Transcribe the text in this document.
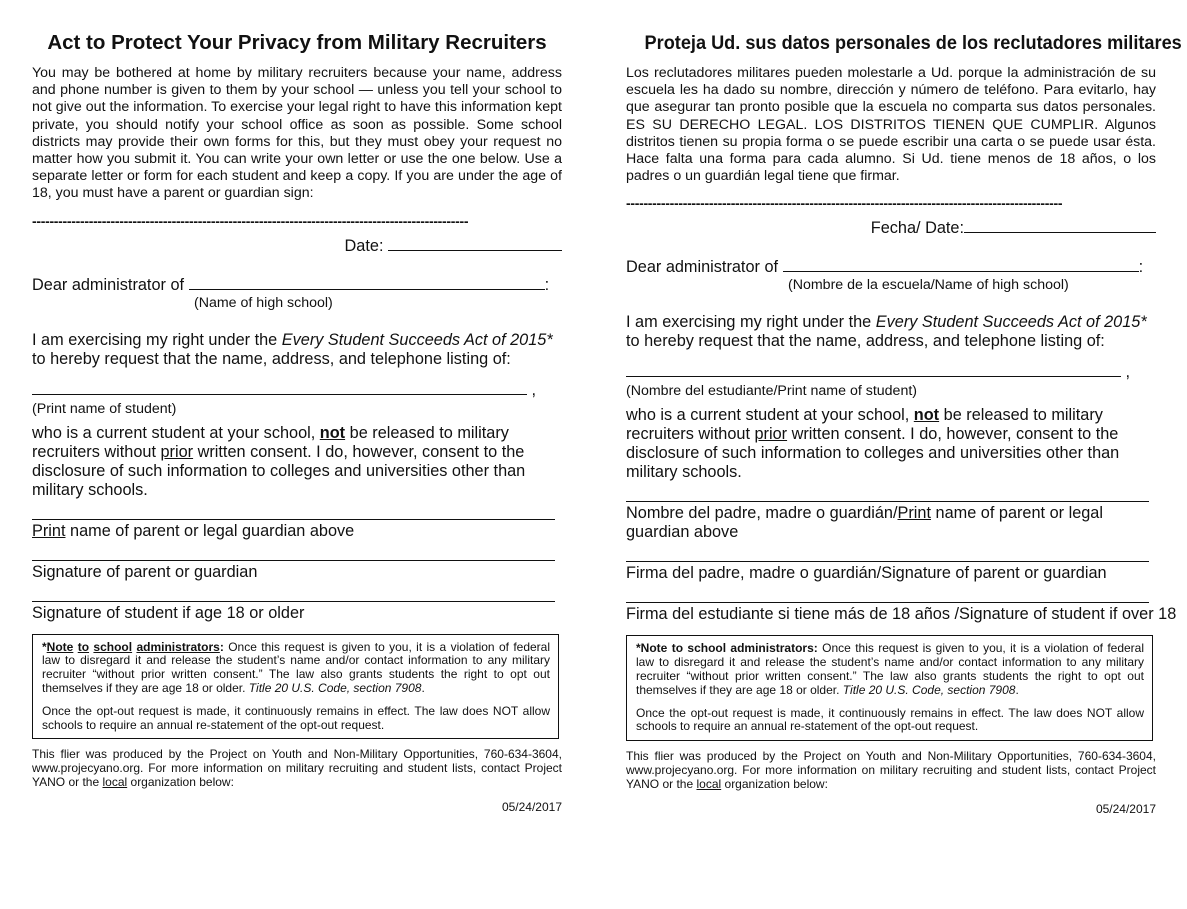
Act to Protect Your Privacy from Military Recruiters

You may be bothered at home by military recruiters because your name, address and phone number is given to them by your school — unless you tell your school to not give out the information. To exercise your legal right to have this information kept private, you should notify your school office as soon as possible. Some school districts may provide their own forms for this, but they must obey your request no matter how you submit it. You can write your own letter or use the one below. Use a separate letter or form for each student and keep a copy. If you are under the age of 18, you must have a parent or guardian sign:

----------------------------------------------------------------------------------------------------
Date:
Dear administrator of	:
(Name of high school)
I am exercising my right under the Every Student Succeeds Act of 2015* to hereby request that the name, address, and telephone listing of:
,
(Print name of student)
who is a current student at your school, not be released to military recruiters without prior written consent. I do, however, consent to the disclosure of such information to colleges and universities other than military schools.
Print name of parent or legal guardian above
Signature of parent or guardian
Signature of student if age 18 or older

*Note to school administrators: Once this request is given to you, it is a violation of federal law to disregard it and release the student’s name and/or contact information to any military recruiter “without prior written consent.” The law also grants students the right to opt out themselves if they are age 18 or older. Title 20 U.S. Code, section 7908.

Once the opt-out request is made, it continuously remains in effect. The law does NOT allow schools to require an annual re-statement of the opt-out request.

This flier was produced by the Project on Youth and Non-Military Opportunities, 760-634-3604, www.projecyano.org. For more information on military recruiting and student lists, contact Project YANO or the local organization below:

05/24/2017
Proteja Ud. sus datos personales de los reclutadores militares

Los reclutadores militares pueden molestarle a Ud. porque la administración de su escuela les ha dado su nombre, dirección y número de teléfono. Para evitarlo, hay que asegurar tan pronto posible que la escuela no comparta sus datos personales. ES SU DERECHO LEGAL. LOS DISTRITOS TIENEN QUE CUMPLIR. Algunos distritos tienen su propia forma o se puede escribir una carta o se puede usar ésta. Hace falta una forma para cada alumno. Si Ud. tiene menos de 18 años, o los padres o un guardián legal tiene que firmar.

----------------------------------------------------------------------------------------------------
Fecha/ Date:
Dear administrator of	:
(Nombre de la escuela/Name of high school)
I am exercising my right under the Every Student Succeeds Act of 2015* to hereby request that the name, address, and telephone listing of:
,
(Nombre del estudiante/Print name of student)
who is a current student at your school, not be released to military recruiters without prior written consent. I do, however, consent to the disclosure of such information to colleges and universities other than military schools.
Nombre del padre, madre o guardián/Print name of parent or legal guardian above
Firma del padre, madre o guardián/Signature of parent or guardian
Firma del estudiante si tiene más de 18 años /Signature of student if over 18

*Note to school administrators: Once this request is given to you, it is a violation of federal law to disregard it and release the student’s name and/or contact information to any military recruiter “without prior written consent.” The law also grants students the right to opt out themselves if they are age 18 or older. Title 20 U.S. Code, section 7908.

Once the opt-out request is made, it continuously remains in effect. The law does NOT allow schools to require an annual re-statement of the opt-out request.

This flier was produced by the Project on Youth and Non-Military Opportunities, 760-634-3604, www.projecyano.org. For more information on military recruiting and student lists, contact Project YANO or the local organization below:

05/24/2017
